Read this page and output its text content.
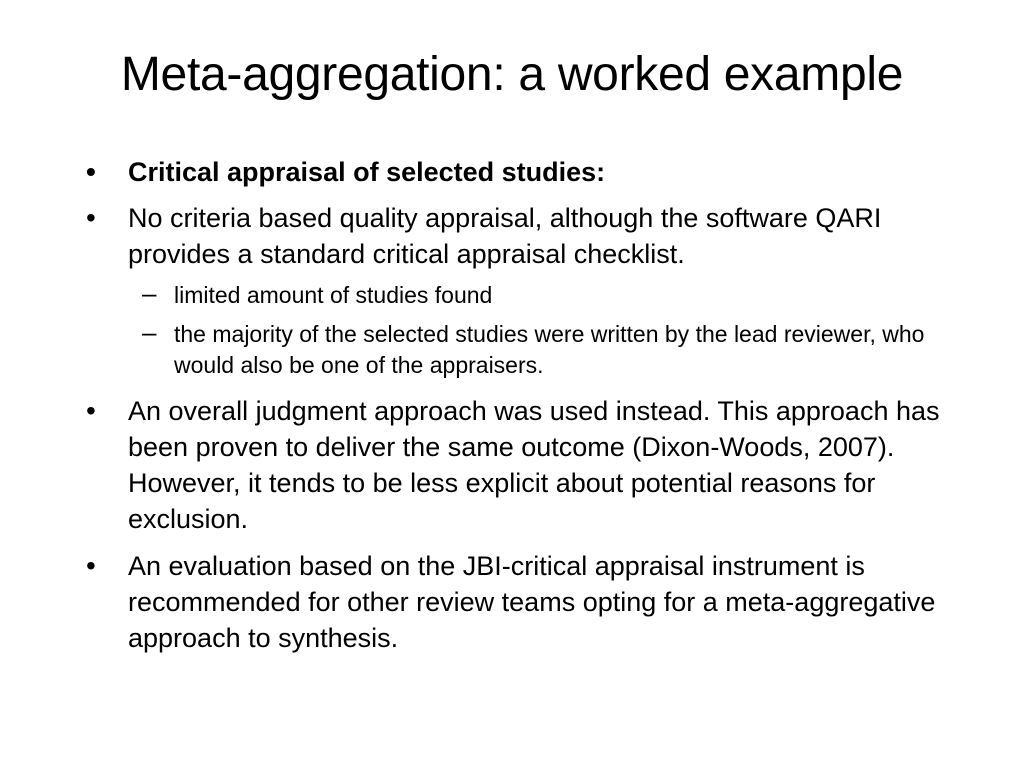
Meta-aggregation: a worked example
•	Critical appraisal of selected studies:
•	No criteria based quality appraisal, although the software QARI provides a standard critical appraisal checklist.
– limited amount of studies found
– the majority of the selected studies were written by the lead reviewer, who would also be one of the appraisers.
•	An overall judgment approach was used instead. This approach has been proven to deliver the same outcome (Dixon-Woods, 2007). However, it tends to be less explicit about potential reasons for exclusion.
•	An evaluation based on the JBI-critical appraisal instrument is recommended for other review teams opting for a meta-aggregative approach to synthesis.
